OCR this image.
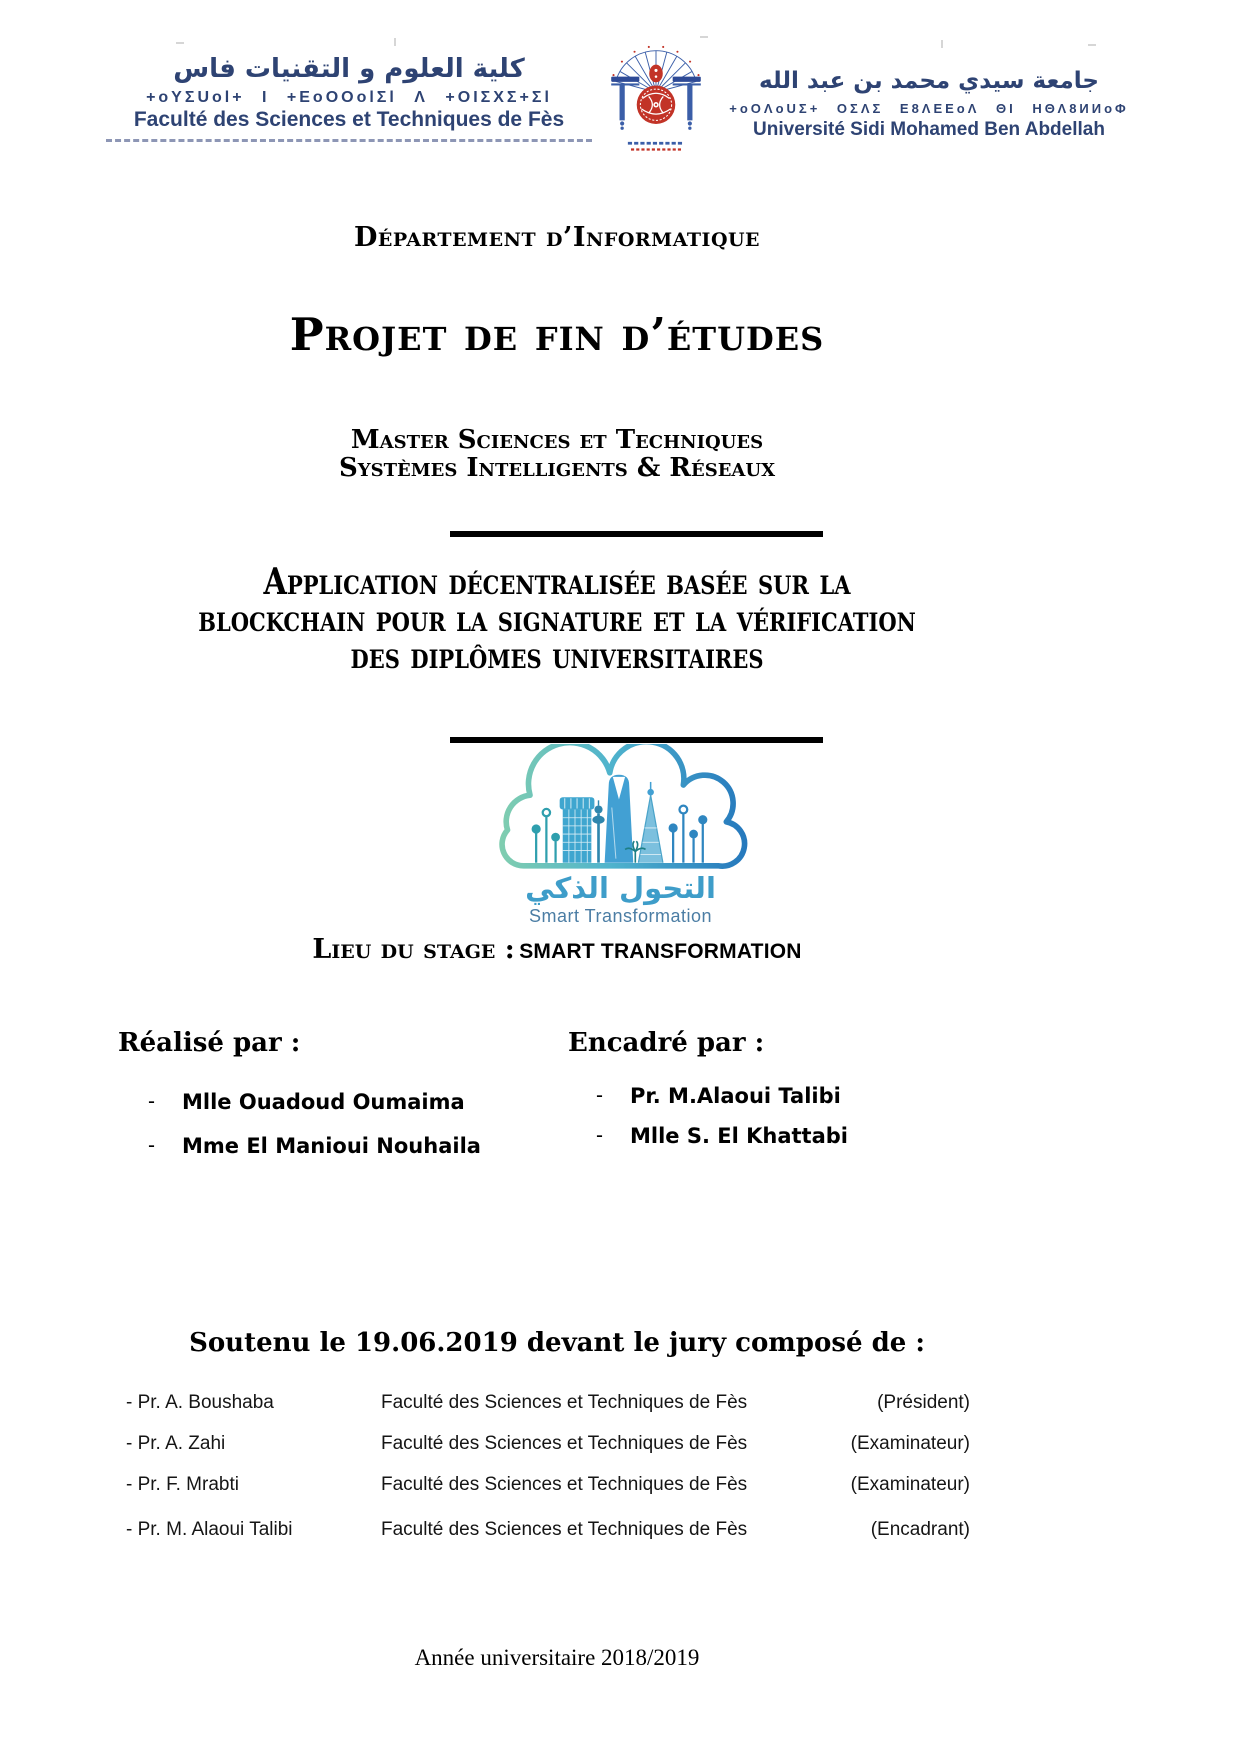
كلية العلوم و التقنيات فاس
+oYΣUol+ I +EoOOolΣl Λ +OIΣXΣ+Σl
Faculté des Sciences et Techniques de Fès
جامعة سيدي محمد بن عبد الله
+oOΛoUΣ+ OΣΛΣ E8ΛEEoΛ ΘI ΗΘΛ8ИИoΦ
Université Sidi Mohamed Ben Abdellah
Département d’Informatique
Projet de fin d’études
Master Sciences et Techniques
Systèmes Intelligents & Réseaux
Application décentralisée basée sur la
blockchain pour la signature et la vérification
des diplômes universitaires
التحول الذكي
Smart Transformation
Lieu du stage : SMART TRANSFORMATION
Réalisé par :
-	Mlle Ouadoud Oumaima
-	Mme El Manioui Nouhaila
Encadré par :
-	Pr. M.Alaoui Talibi
-	Mlle S. El Khattabi
Soutenu le 19.06.2019 devant le jury composé de :
- Pr. A. Boushaba	Faculté des Sciences et Techniques de Fès	(Président)
- Pr. A. Zahi	Faculté des Sciences et Techniques de Fès	(Examinateur)
- Pr. F. Mrabti	Faculté des Sciences et Techniques de Fès	(Examinateur)
- Pr. M. Alaoui Talibi	Faculté des Sciences et Techniques de Fès	(Encadrant)
Année universitaire 2018/2019
